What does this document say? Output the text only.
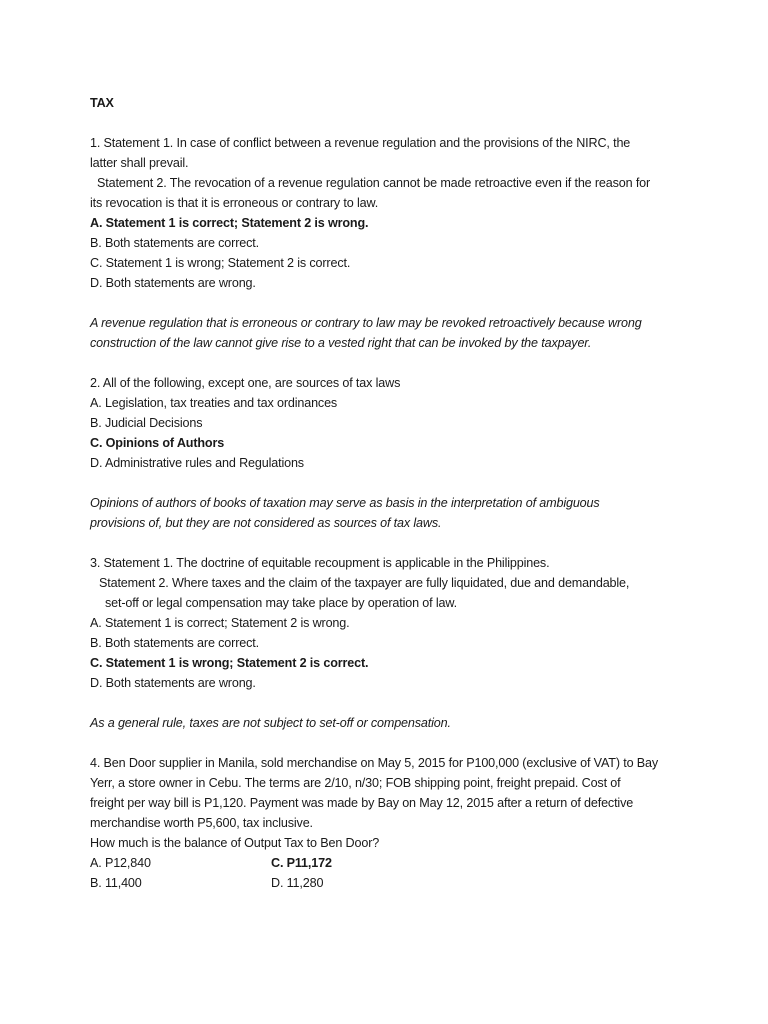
TAX
1. Statement 1. In case of conflict between a revenue regulation and the provisions of the NIRC, the
latter shall prevail.
Statement 2. The revocation of a revenue regulation cannot be made retroactive even if the reason for
its revocation is that it is erroneous or contrary to law.
A. Statement 1 is correct; Statement 2 is wrong.
B. Both statements are correct.
C. Statement 1 is wrong; Statement 2 is correct.
D. Both statements are wrong.
A revenue regulation that is erroneous or contrary to law may be revoked retroactively because wrong
construction of the law cannot give rise to a vested right that can be invoked by the taxpayer.
2. All of the following, except one, are sources of tax laws
A. Legislation, tax treaties and tax ordinances
B. Judicial Decisions
C. Opinions of Authors
D. Administrative rules and Regulations
Opinions of authors of books of taxation may serve as basis in the interpretation of ambiguous
provisions of, but they are not considered as sources of tax laws.
3. Statement 1. The doctrine of equitable recoupment is applicable in the Philippines.
Statement 2. Where taxes and the claim of the taxpayer are fully liquidated, due and demandable,
set-off or legal compensation may take place by operation of law.
A. Statement 1 is correct; Statement 2 is wrong.
B. Both statements are correct.
C. Statement 1 is wrong; Statement 2 is correct.
D. Both statements are wrong.
As a general rule, taxes are not subject to set-off or compensation.
4. Ben Door supplier in Manila, sold merchandise on May 5, 2015 for P100,000 (exclusive of VAT) to Bay
Yerr, a store owner in Cebu. The terms are 2/10, n/30; FOB shipping point, freight prepaid. Cost of
freight per way bill is P1,120. Payment was made by Bay on May 12, 2015 after a return of defective
merchandise worth P5,600, tax inclusive.
How much is the balance of Output Tax to Ben Door?
A. P12,840	C. P11,172
B. 11,400	D. 11,280
